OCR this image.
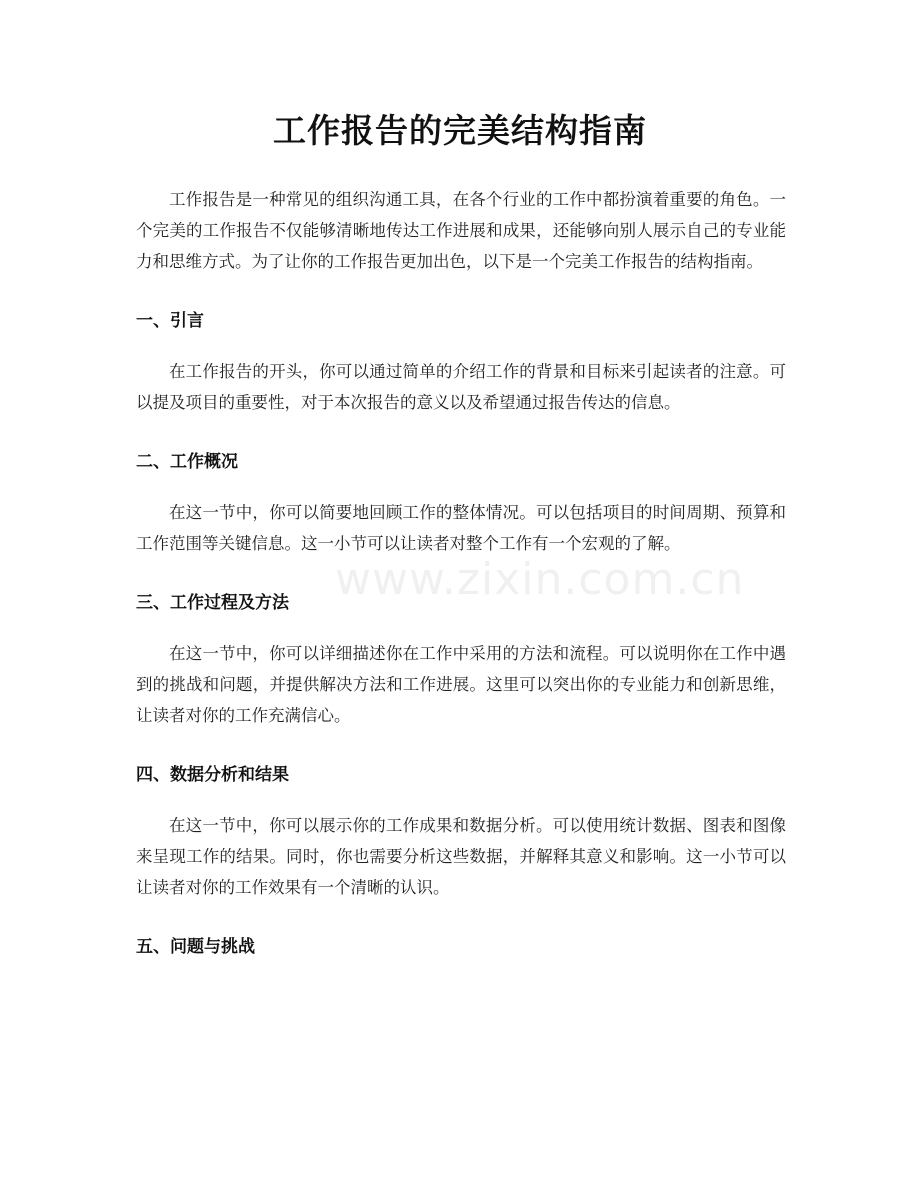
工作报告的完美结构指南

工作报告是一种常见的组织沟通工具，在各个行业的工作中都扮演着重要的角色。一个完美的工作报告不仅能够清晰地传达工作进展和成果，还能够向别人展示自己的专业能力和思维方式。为了让你的工作报告更加出色，以下是一个完美工作报告的结构指南。

一、引言

在工作报告的开头，你可以通过简单的介绍工作的背景和目标来引起读者的注意。可以提及项目的重要性，对于本次报告的意义以及希望通过报告传达的信息。

二、工作概况

在这一节中，你可以简要地回顾工作的整体情况。可以包括项目的时间周期、预算和工作范围等关键信息。这一小节可以让读者对整个工作有一个宏观的了解。

三、工作过程及方法

在这一节中，你可以详细描述你在工作中采用的方法和流程。可以说明你在工作中遇到的挑战和问题，并提供解决方法和工作进展。这里可以突出你的专业能力和创新思维，让读者对你的工作充满信心。

四、数据分析和结果

在这一节中，你可以展示你的工作成果和数据分析。可以使用统计数据、图表和图像来呈现工作的结果。同时，你也需要分析这些数据，并解释其意义和影响。这一小节可以让读者对你的工作效果有一个清晰的认识。

五、问题与挑战
www.zixin.com.cn
